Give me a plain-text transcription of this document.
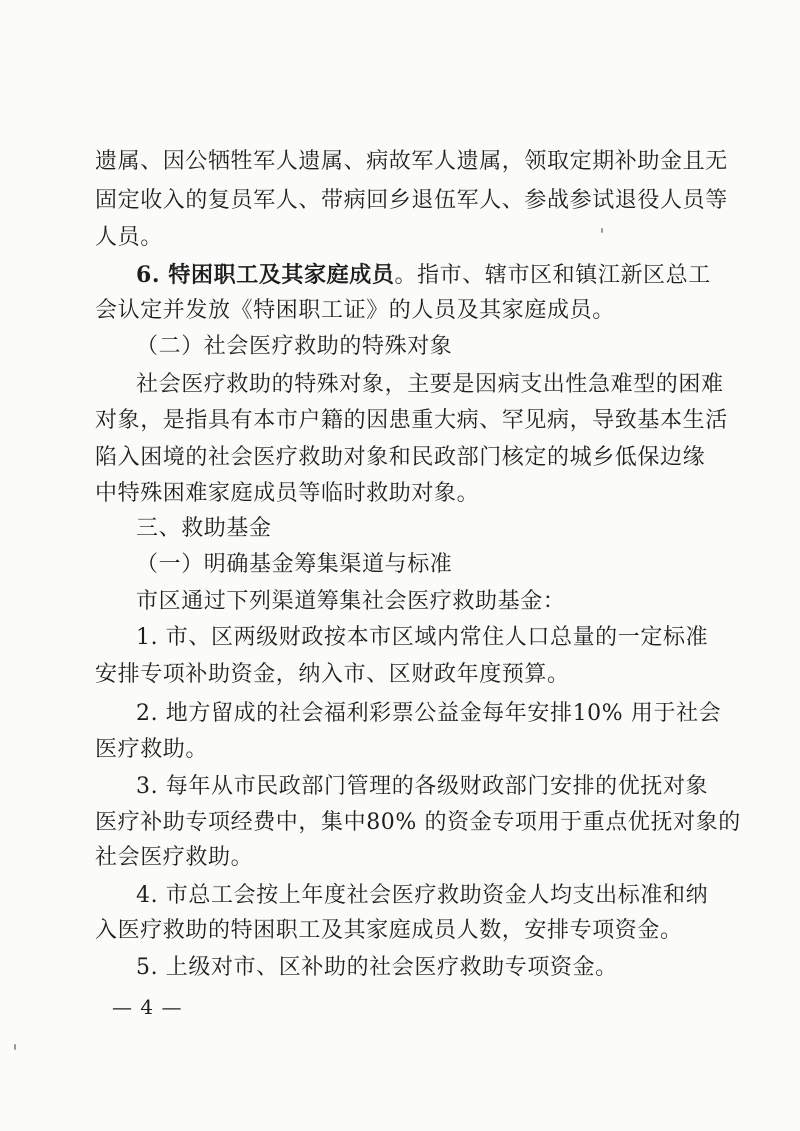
遗属、因公牺牲军人遗属、病故军人遗属，领取定期补助金且无
固定收入的复员军人、带病回乡退伍军人、参战参试退役人员等
人员。
6. 特困职工及其家庭成员。指市、辖市区和镇江新区总工
会认定并发放《特困职工证》的人员及其家庭成员。
（二）社会医疗救助的特殊对象
社会医疗救助的特殊对象，主要是因病支出性急难型的困难
对象，是指具有本市户籍的因患重大病、罕见病，导致基本生活
陷入困境的社会医疗救助对象和民政部门核定的城乡低保边缘
中特殊困难家庭成员等临时救助对象。
三、救助基金
（一）明确基金筹集渠道与标准
市区通过下列渠道筹集社会医疗救助基金：
1. 市、区两级财政按本市区域内常住人口总量的一定标准
安排专项补助资金，纳入市、区财政年度预算。
2. 地方留成的社会福利彩票公益金每年安排10% 用于社会
医疗救助。
3. 每年从市民政部门管理的各级财政部门安排的优抚对象
医疗补助专项经费中，集中80% 的资金专项用于重点优抚对象的
社会医疗救助。
4. 市总工会按上年度社会医疗救助资金人均支出标准和纳
入医疗救助的特困职工及其家庭成员人数，安排专项资金。
5. 上级对市、区补助的社会医疗救助专项资金。
— 4 —
